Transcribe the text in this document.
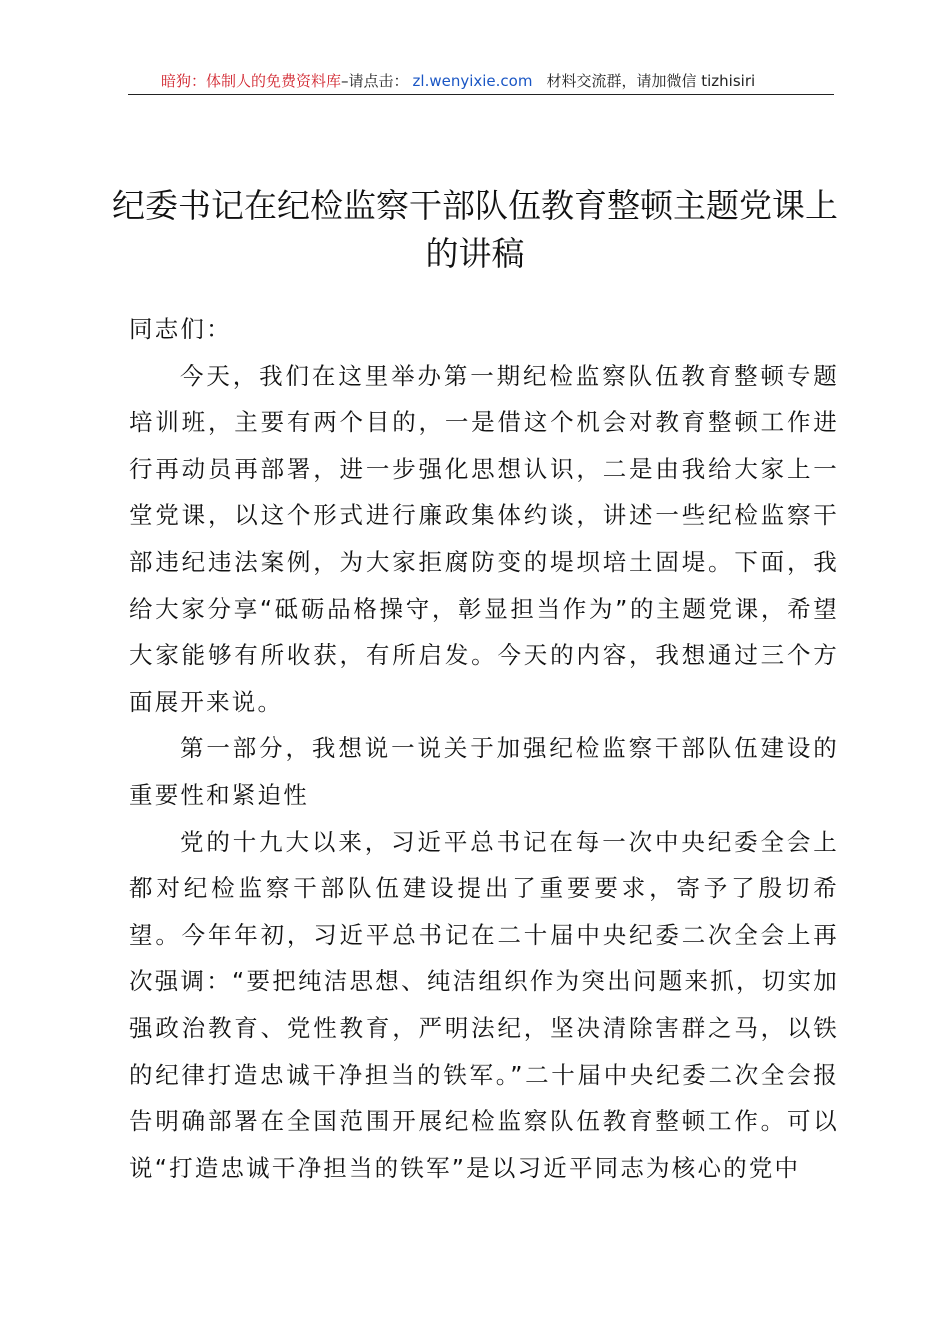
暗狗：体制人的免费资料库–请点击： zl.wenyixie.com 材料交流群，请加微信 tizhisiri
纪委书记在纪检监察干部队伍教育整顿主题党课上的讲稿

同志们：

今天，我们在这里举办第一期纪检监察队伍教育整顿专题培训班，主要有两个目的，一是借这个机会对教育整顿工作进行再动员再部署，进一步强化思想认识，二是由我给大家上一堂党课，以这个形式进行廉政集体约谈，讲述一些纪检监察干部违纪违法案例，为大家拒腐防变的堤坝培土固堤。下面，我给大家分享“砥砺品格操守，彰显担当作为”的主题党课，希望大家能够有所收获，有所启发。今天的内容，我想通过三个方面展开来说。

第一部分，我想说一说关于加强纪检监察干部队伍建设的重要性和紧迫性

党的十九大以来，习近平总书记在每一次中央纪委全会上都对纪检监察干部队伍建设提出了重要要求，寄予了殷切希望。今年年初，习近平总书记在二十届中央纪委二次全会上再次强调：“要把纯洁思想、纯洁组织作为突出问题来抓，切实加强政治教育、党性教育，严明法纪，坚决清除害群之马，以铁的纪律打造忠诚干净担当的铁军。”二十届中央纪委二次全会报告明确部署在全国范围开展纪检监察队伍教育整顿工作。可以说“打造忠诚干净担当的铁军”是以习近平同志为核心的党中
